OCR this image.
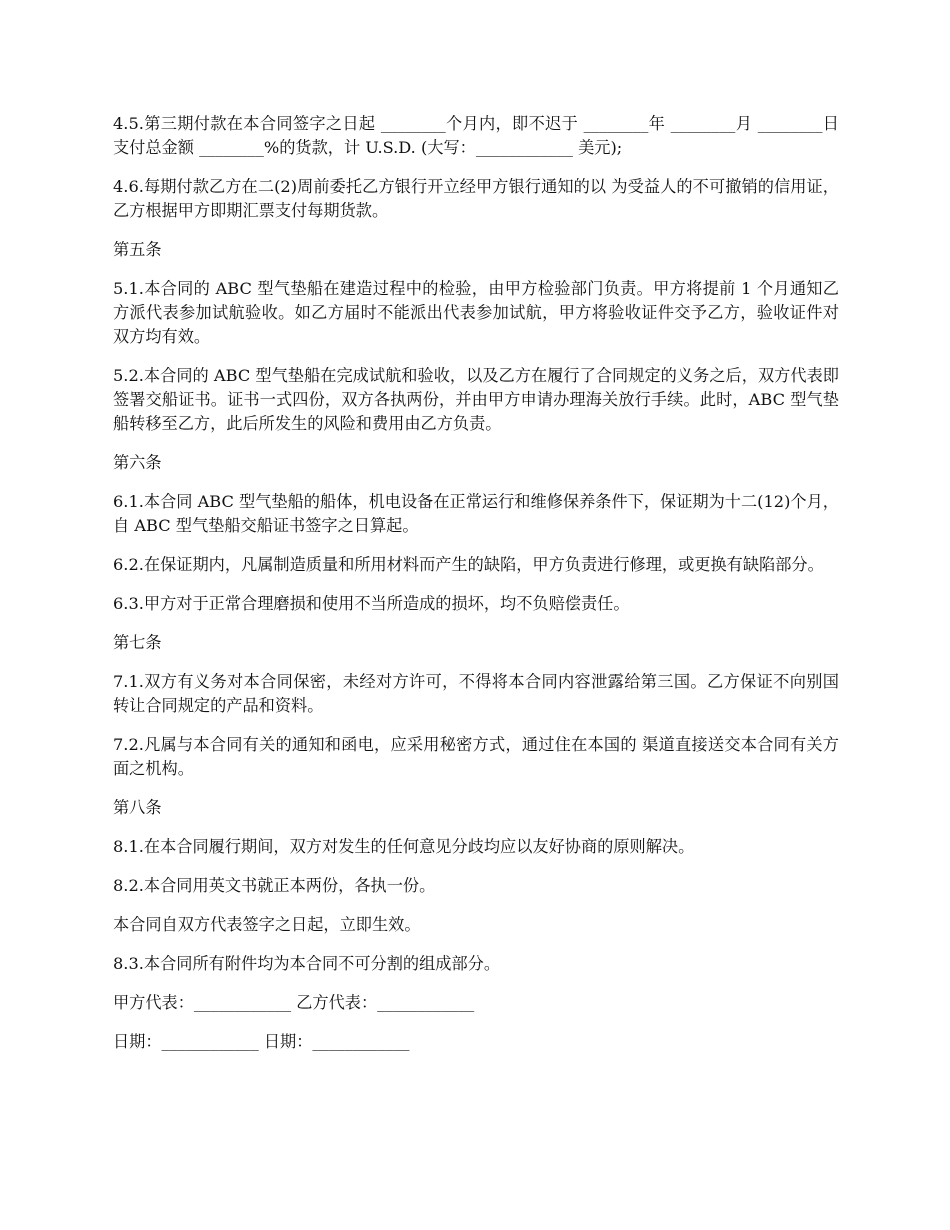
4.5.第三期付款在本合同签字之日起 ________个月内，即不迟于 ________年 ________月 ________日支付总金额 ________%的货款，计 U.S.D. (大写：____________ 美元);

4.6.每期付款乙方在二(2)周前委托乙方银行开立经甲方银行通知的以 为受益人的不可撤销的信用证，乙方根据甲方即期汇票支付每期货款。

第五条

5.1.本合同的 ABC 型气垫船在建造过程中的检验，由甲方检验部门负责。甲方将提前 1 个月通知乙方派代表参加试航验收。如乙方届时不能派出代表参加试航，甲方将验收证件交予乙方，验收证件对双方均有效。

5.2.本合同的 ABC 型气垫船在完成试航和验收，以及乙方在履行了合同规定的义务之后，双方代表即签署交船证书。证书一式四份，双方各执两份，并由甲方申请办理海关放行手续。此时，ABC 型气垫船转移至乙方，此后所发生的风险和费用由乙方负责。

第六条

6.1.本合同 ABC 型气垫船的船体，机电设备在正常运行和维修保养条件下，保证期为十二(12)个月，自 ABC 型气垫船交船证书签字之日算起。

6.2.在保证期内，凡属制造质量和所用材料而产生的缺陷，甲方负责进行修理，或更换有缺陷部分。

6.3.甲方对于正常合理磨损和使用不当所造成的损坏，均不负赔偿责任。

第七条

7.1.双方有义务对本合同保密，未经对方许可，不得将本合同内容泄露给第三国。乙方保证不向别国转让合同规定的产品和资料。

7.2.凡属与本合同有关的通知和函电，应采用秘密方式，通过住在本国的 渠道直接送交本合同有关方面之机构。

第八条

8.1.在本合同履行期间，双方对发生的任何意见分歧均应以友好协商的原则解决。

8.2.本合同用英文书就正本两份，各执一份。

本合同自双方代表签字之日起，立即生效。

8.3.本合同所有附件均为本合同不可分割的组成部分。

甲方代表：____________ 乙方代表：____________

日期：____________ 日期：____________
